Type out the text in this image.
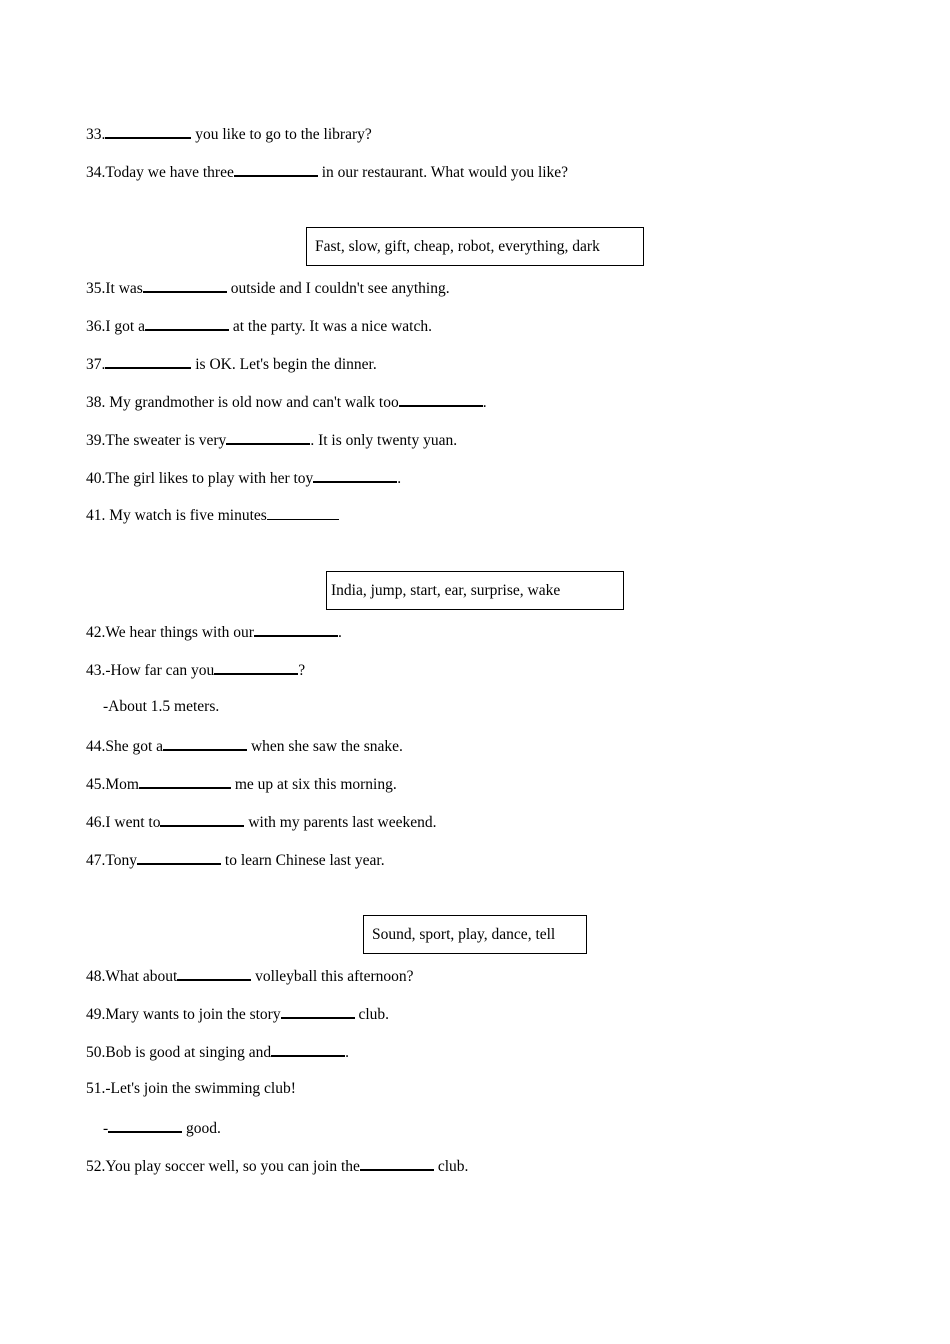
33.	you like to go to the library?
34.Today we have three	in our restaurant. What would you like?
Fast, slow, gift, cheap, robot, everything, dark
35.It was	outside and I couldn't see anything.
36.I got a	at the party. It was a nice watch.
37.	is OK. Let's begin the dinner.
38. My grandmother is old now and can't walk too	.
39.The sweater is very	. It is only twenty yuan.
40.The girl likes to play with her toy	.
41. My watch is five minutes
India, jump, start, ear, surprise, wake
42.We hear things with our	.
43.-How far can you	?
-About 1.5 meters.
44.She got a	when she saw the snake.
45.Mom	me up at six this morning.
46.I went to	with my parents last weekend.
47.Tony	to learn Chinese last year.
Sound, sport, play, dance, tell
48.What about	volleyball this afternoon?
49.Mary wants to join the story	club.
50.Bob is good at singing and	.
51.-Let's join the swimming club!
-	good.
52.You play soccer well, so you can join the	club.
